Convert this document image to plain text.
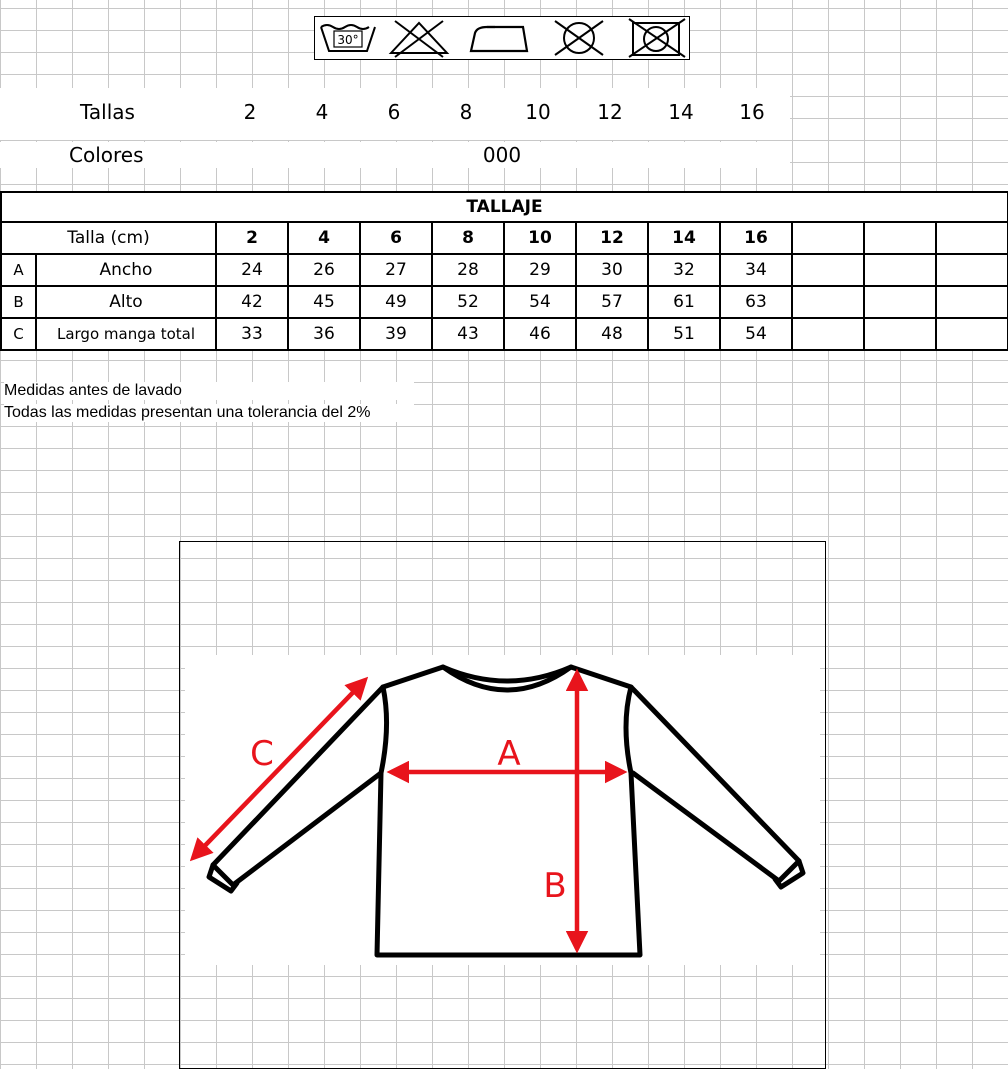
30°
Tallas	2	4	6	8	10	12	14	16
Colores	000
TALLAJE												
Talla (cm)		2	4	6	8	10	12	14	16			
A	Ancho	24	26	27	28	29	30	32	34			
B	Alto	42	45	49	52	54	57	61	63			
C	Largo manga total	33	36	39	43	46	48	51	54			
Medidas antes de lavado
Todas las medidas presentan una tolerancia del 2%
A
B
C
